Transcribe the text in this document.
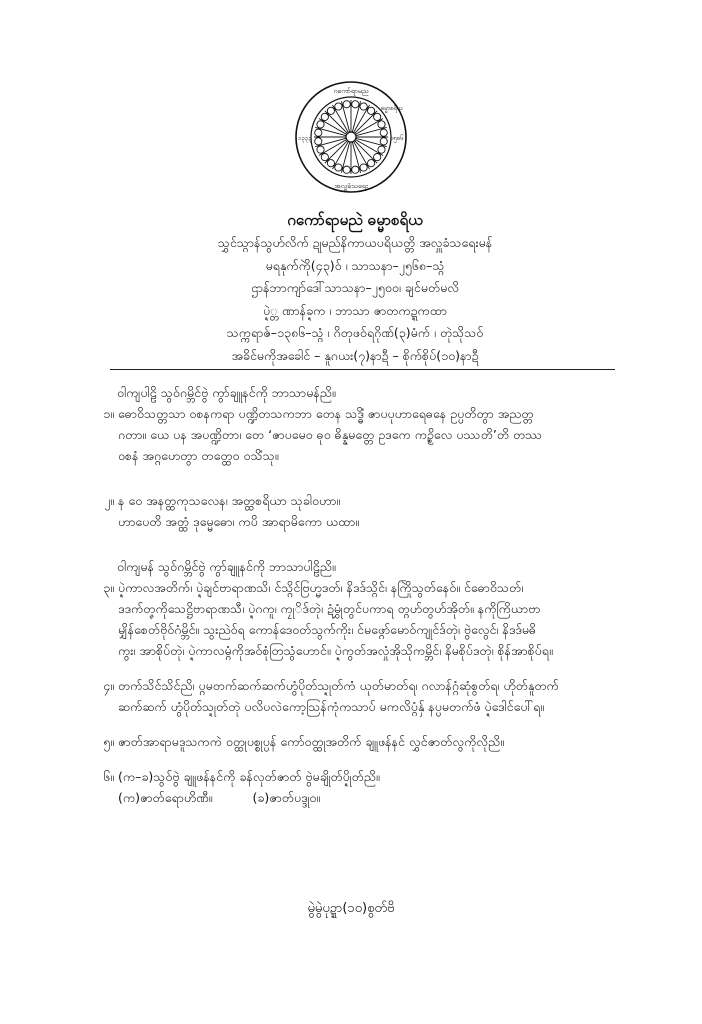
ဂကော်ရာမည
ဓမ္မာစရိယ
၁၃၃၃	၁၅၈၆
အလှူခံသရေး
ဂကော်ရာမညဲ ဓမ္မာစရိယ
သွှင်သ္ဂာန်သွဟ်လိက် ဍုမည်နိကာယပရိယတ္တိ အလှူခံသရေးမန်
မရနုက်ကိုဲ(၄၃)ဝ် ၊ သာသနာ–၂၅၆၈–သ္ဂံ
ဌာန်ဘာကျာ်ဒေါ်သာသနာ–၂၅၀၀၊ ချင်မတ်မလိ
ပ္ဍဲ္တ ဏာန်ခ္ဍက ၊ ဘာသာ ဇာတကဍ္ဍကထာ
သက္ကရာဇ်–၁၃၈၆–သ္ဂံ ၊ ဂိတုဖဝ်ရဂိုဏ်(၃)မံက် ၊ တုဲသိုသဝ်
အခိင်မကိုအခေါင် – နူဂယး(၇)နာဍီ – စိုက်စိုပ်(၁၀)နာဍီ
ဝါကျပါဠိ သွဝ်ဂမ္ဘိင်ဗွဲ ကွာ်ချူနင်ကို ဘာသာမန်ညိ။
၁။ ဓောဝိသတ္တသာ ဝစနကရာ ပဏ္ဍိတသကဘာ တေန သဒ္ဓိံ ဇာပပုဟာရေဓနေ ဥပ္ပတိတွာ အညတ္တ
ဂတာ။ ယေ ပန အပဏ္ဍိတာ၊ တေ ‘ဇာပမေဝ ဓုဝ ဓိန္နမတ္တေ ဥဒကေ ကဥ္စိလေ ပဿတိ’တိ တဿ
ဝစနံ အဂ္ဂဟေတွာ တတ္ထေဝ ဝသိံသု။
၂။ န ဝေ အနတ္ထကုသလေန၊ အတ္ထစရိယာ သုခါဝဟာ။
ဟာပေတိ အတ္ထံ ဒုမ္မေဓော၊ ကပိ အာရာမိကော ယထာ။
ဝါကျမန် သွဝ်ဂမ္ဘိင်ဗွဲ ကွာ်ချူနင်ကို ဘာသာပါဠိညိ။
၃။ ပ္ဍဲကာလအတိက်၊ ပ္ဍဲချင်ဗာရာဏသိ၊ င်သ္ဂိင်ဗြဟ္မဒတ်၊ နိဒဒ်သ္ဂိင်၊ နကြိုဲသွတ်နေဝ်။ င်ဓောဝိသတ်၊
ဒဒက်တၞကိုသေဋ္ဌိဗာရာဏသီ၊ ပ္ဍဲဂကူ၊ ကၠုိဒ်တုဲ၊ ဍံမွှုံတွင်ပကာရ တ္ဂဟ်တွဟ်အိုတ်။ နကိုကြိယာဗာ
မျှိန်စေတ်ဗိုဝ်ဂံမ္ဘိင်။ သွးညဲဝ်ရ ကောန်ဒေဝတ်သွက်ကိုး၊ င်မဖ္ဂော်မောဝ်ကျုင်ဒ်တုဲ၊ ဗွဲလွေင်၊ နိဒဒ်မဓိ
ကွး၊ အာစိုပ်တုဲ၊ ပ္ဍဲကာလမ္ဂံကိုအဝ်စုံတြသွံဟောင်။ ပ္ဍဲကွတ်အလှုံအိုသိုကမ္ဘိင်၊ နိမစိုပ်ဒတုဲ၊ စိုန်အာစိုပ်ရ။
၄။ တက်သိင်သိင်ညိ၊ ပ္ဂမတက်ဆက်ဆက်ဟွံပိုတ်သ္ဍုတ်ကံ ယုတ်မာတ်ရ၊ ဂလာန်ဂ္ဂံဆုံစွတ်ရ၊ ဟိုတ်နူတက်
ဆက်ဆက် ဟွံပိုတ်သ္ဍုတ်တုဲ ပလိပလဲကော့ဩန်ကုံကသာပ် မကလိပ္ဂံနှ် နပ္ပမတက်ဖံ ပ္ဍဲဒေါင်ပေါ်ရ။
၅။ ဇာတ်အာရာမဒူသကကဲ ဝတ္ထုပစ္စုပ္ပန် ကော်ဝတ္ထုအတိက် ချူဖန်နင် လွှင်ဇာတ်လွကိုလိုညိ။
၆။ (က–ခ)သွဝ်ဗွဲ ချူဖန်နင်ကို ခန်လုတ်ဇာတ် ဗွဲမချိုတ်ပ္ဍိုတ်ညိ။
(က)ဇာတ်ရောဟိဏီ။	(ခ)ဇာတ်ပဒ္ဒုဝ။
မွဲမွဲပုဍ္ဍာ(၁၀)စွတ်ဗိ
